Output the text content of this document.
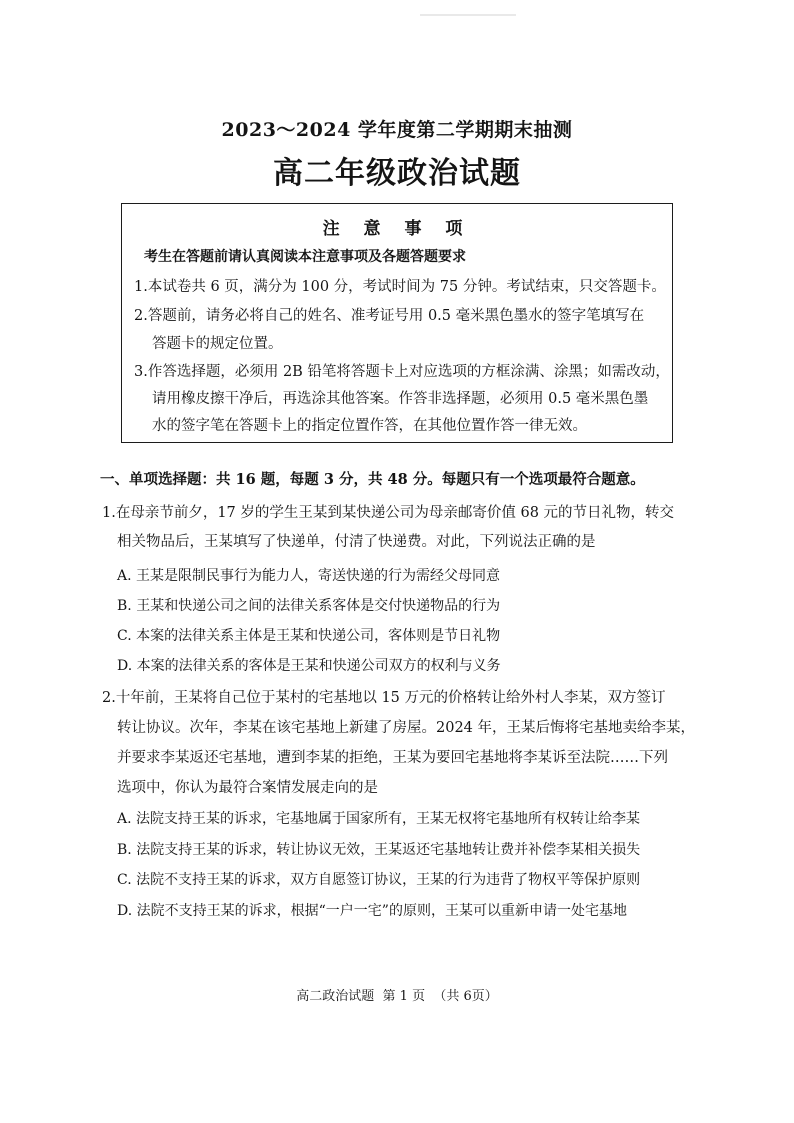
2023～2024 学年度第二学期期末抽测
高二年级政治试题
注 意 事 项
考生在答题前请认真阅读本注意事项及各题答题要求
1.本试卷共 6 页，满分为 100 分，考试时间为 75 分钟。考试结束，只交答题卡。
2.答题前，请务必将自己的姓名、准考证号用 0.5 毫米黑色墨水的签字笔填写在
答题卡的规定位置。
3.作答选择题，必须用 2B 铅笔将答题卡上对应选项的方框涂满、涂黑；如需改动，
请用橡皮擦干净后，再选涂其他答案。作答非选择题，必须用 0.5 毫米黑色墨
水的签字笔在答题卡上的指定位置作答，在其他位置作答一律无效。
一、单项选择题：共 16 题，每题 3 分，共 48 分。每题只有一个选项最符合题意。
1.在母亲节前夕，17 岁的学生王某到某快递公司为母亲邮寄价值 68 元的节日礼物，转交
相关物品后，王某填写了快递单，付清了快递费。对此，下列说法正确的是
A. 王某是限制民事行为能力人，寄送快递的行为需经父母同意
B. 王某和快递公司之间的法律关系客体是交付快递物品的行为
C. 本案的法律关系主体是王某和快递公司，客体则是节日礼物
D. 本案的法律关系的客体是王某和快递公司双方的权利与义务
2.十年前，王某将自己位于某村的宅基地以 15 万元的价格转让给外村人李某，双方签订
转让协议。次年，李某在该宅基地上新建了房屋。2024 年，王某后悔将宅基地卖给李某，
并要求李某返还宅基地，遭到李某的拒绝，王某为要回宅基地将李某诉至法院……下列
选项中，你认为最符合案情发展走向的是
A. 法院支持王某的诉求，宅基地属于国家所有，王某无权将宅基地所有权转让给李某
B. 法院支持王某的诉求，转让协议无效，王某返还宅基地转让费并补偿李某相关损失
C. 法院不支持王某的诉求，双方自愿签订协议，王某的行为违背了物权平等保护原则
D. 法院不支持王某的诉求，根据“一户一宅”的原则，王某可以重新申请一处宅基地
高二政治试题  第 1 页  （共 6页）
